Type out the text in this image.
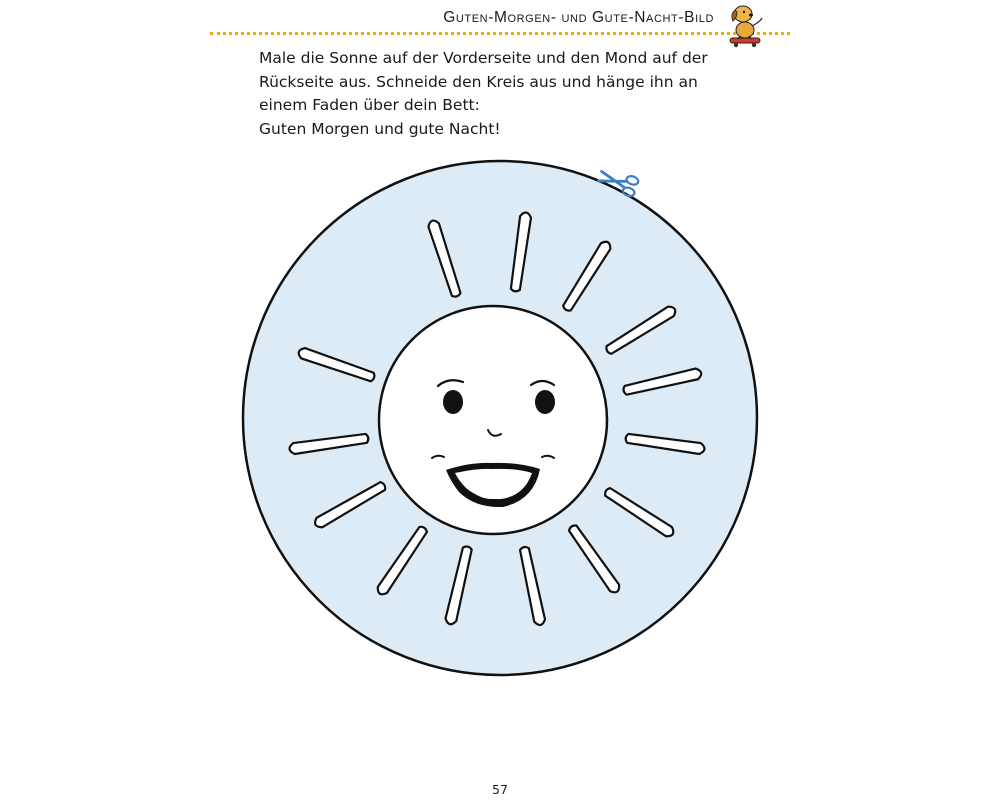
Guten-Morgen- und Gute-Nacht-Bild
Male die Sonne auf der Vorderseite und den Mond auf der
Rückseite aus. Schneide den Kreis aus und hänge ihn an
einem Faden über dein Bett:
Guten Morgen und gute Nacht!
57
